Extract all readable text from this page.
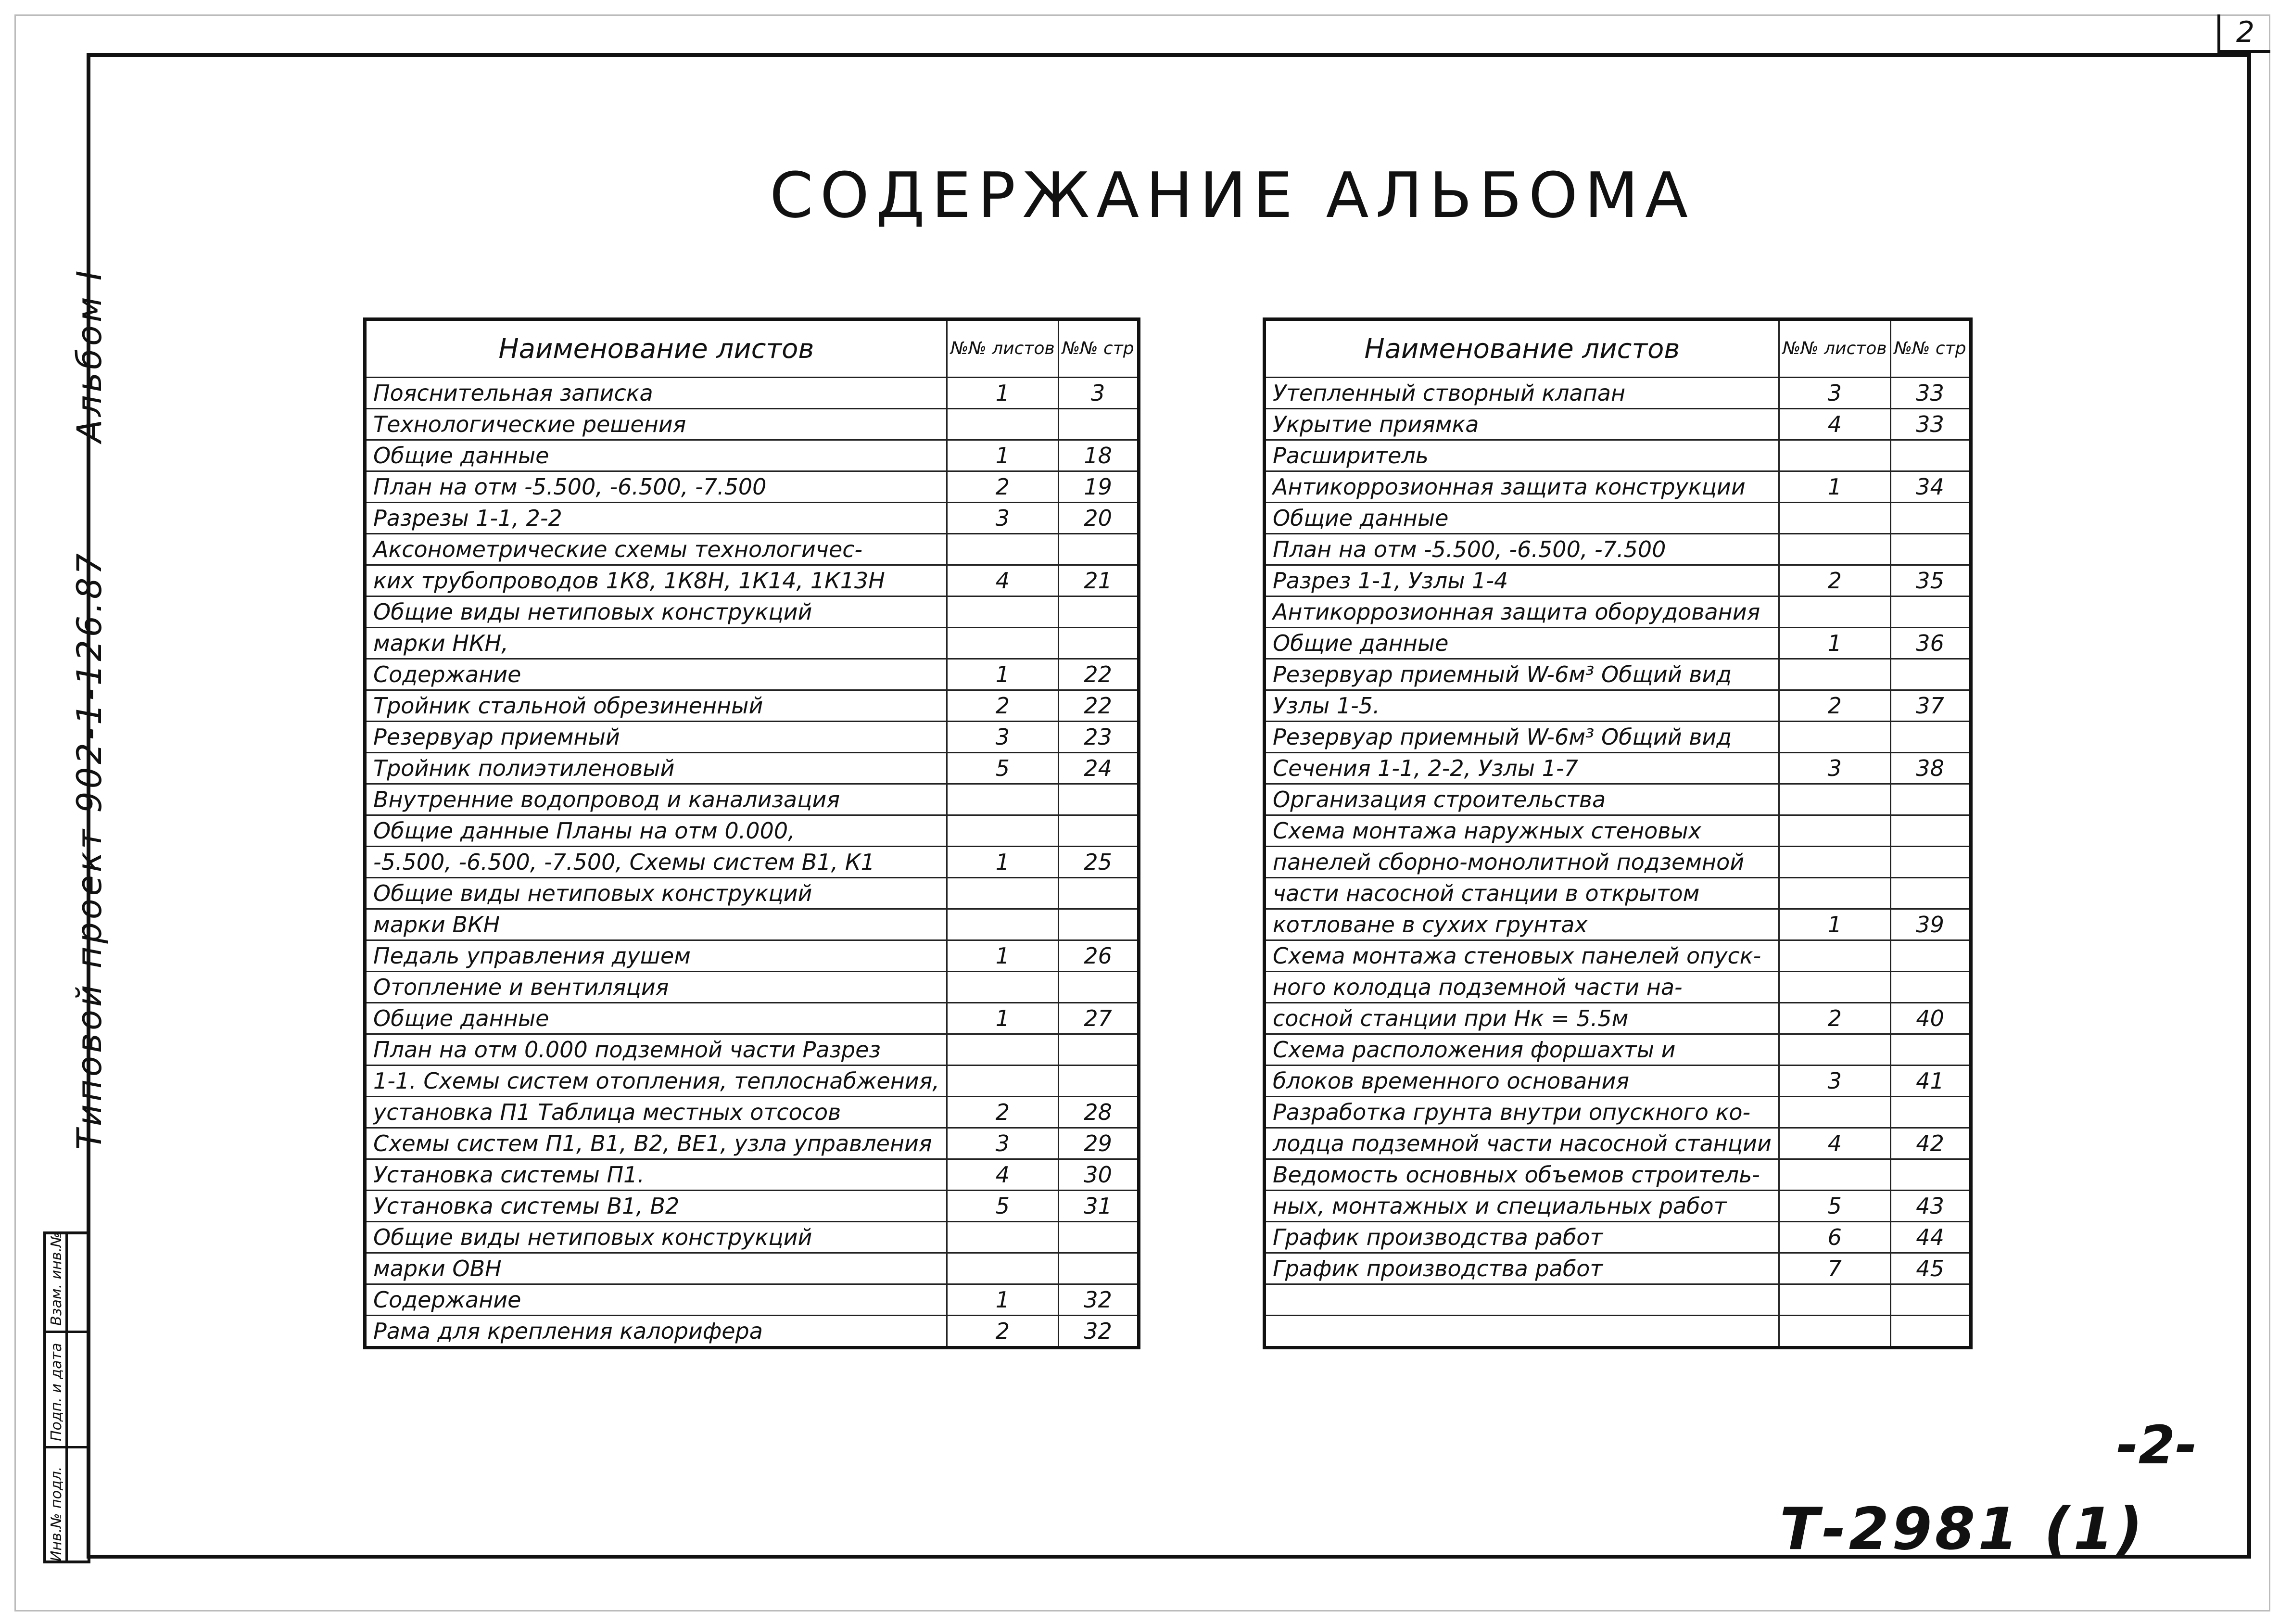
2
Альбом I
Типовой проект 902-1-126.87
Инв.№ подл.
Подп. и дата
Взам. инв.№
СОДЕРЖАНИЕ АЛЬБОМА
Наименование листов	№№ листов	№№ стр
Пояснительная записка	1	3
Технологические решения		
Общие данные	1	18
План на отм -5.500, -6.500, -7.500	2	19
Разрезы 1-1, 2-2	3	20
Аксонометрические схемы технологичес-		
ких трубопроводов 1К8, 1К8Н, 1К14, 1К13Н	4	21
Общие виды нетиповых конструкций		
марки НКН,		
Содержание	1	22
Тройник стальной обрезиненный	2	22
Резервуар приемный	3	23
Тройник полиэтиленовый	5	24
Внутренние водопровод и канализация		
Общие данные Планы на отм 0.000,		
-5.500, -6.500, -7.500, Схемы систем В1, К1	1	25
Общие виды нетиповых конструкций		
марки ВКН		
Педаль управления душем	1	26
Отопление и вентиляция		
Общие данные	1	27
План на отм 0.000 подземной части Разрез		
1-1. Схемы систем отопления, теплоснабжения,		
установка П1 Таблица местных отсосов	2	28
Схемы систем П1, В1, В2, ВЕ1, узла управления	3	29
Установка системы П1.	4	30
Установка системы В1, В2	5	31
Общие виды нетиповых конструкций		
марки ОВН		
Содержание	1	32
Рама для крепления калорифера	2	32
Наименование листов	№№ листов	№№ стр
Утепленный створный клапан	3	33
Укрытие приямка	4	33
Расширитель		
Антикоррозионная защита конструкции	1	34
Общие данные		
План на отм -5.500, -6.500, -7.500		
Разрез 1-1, Узлы 1-4	2	35
Антикоррозионная защита оборудования		
Общие данные	1	36
Резервуар приемный W-6м³ Общий вид		
Узлы 1-5.	2	37
Резервуар приемный W-6м³ Общий вид		
Сечения 1-1, 2-2, Узлы 1-7	3	38
Организация строительства		
Схема монтажа наружных стеновых		
панелей сборно-монолитной подземной		
части насосной станции в открытом		
котловане в сухих грунтах	1	39
Схема монтажа стеновых панелей опуск-		
ного колодца подземной части на-		
сосной станции при Нк = 5.5м	2	40
Схема расположения форшахты и		
блоков временного основания	3	41
Разработка грунта внутри опускного ко-		
лодца подземной части насосной станции	4	42
Ведомость основных объемов строитель-		
ных, монтажных и специальных работ	5	43
График производства работ	6	44
График производства работ	7	45

-2-
Т-2981 (1)
